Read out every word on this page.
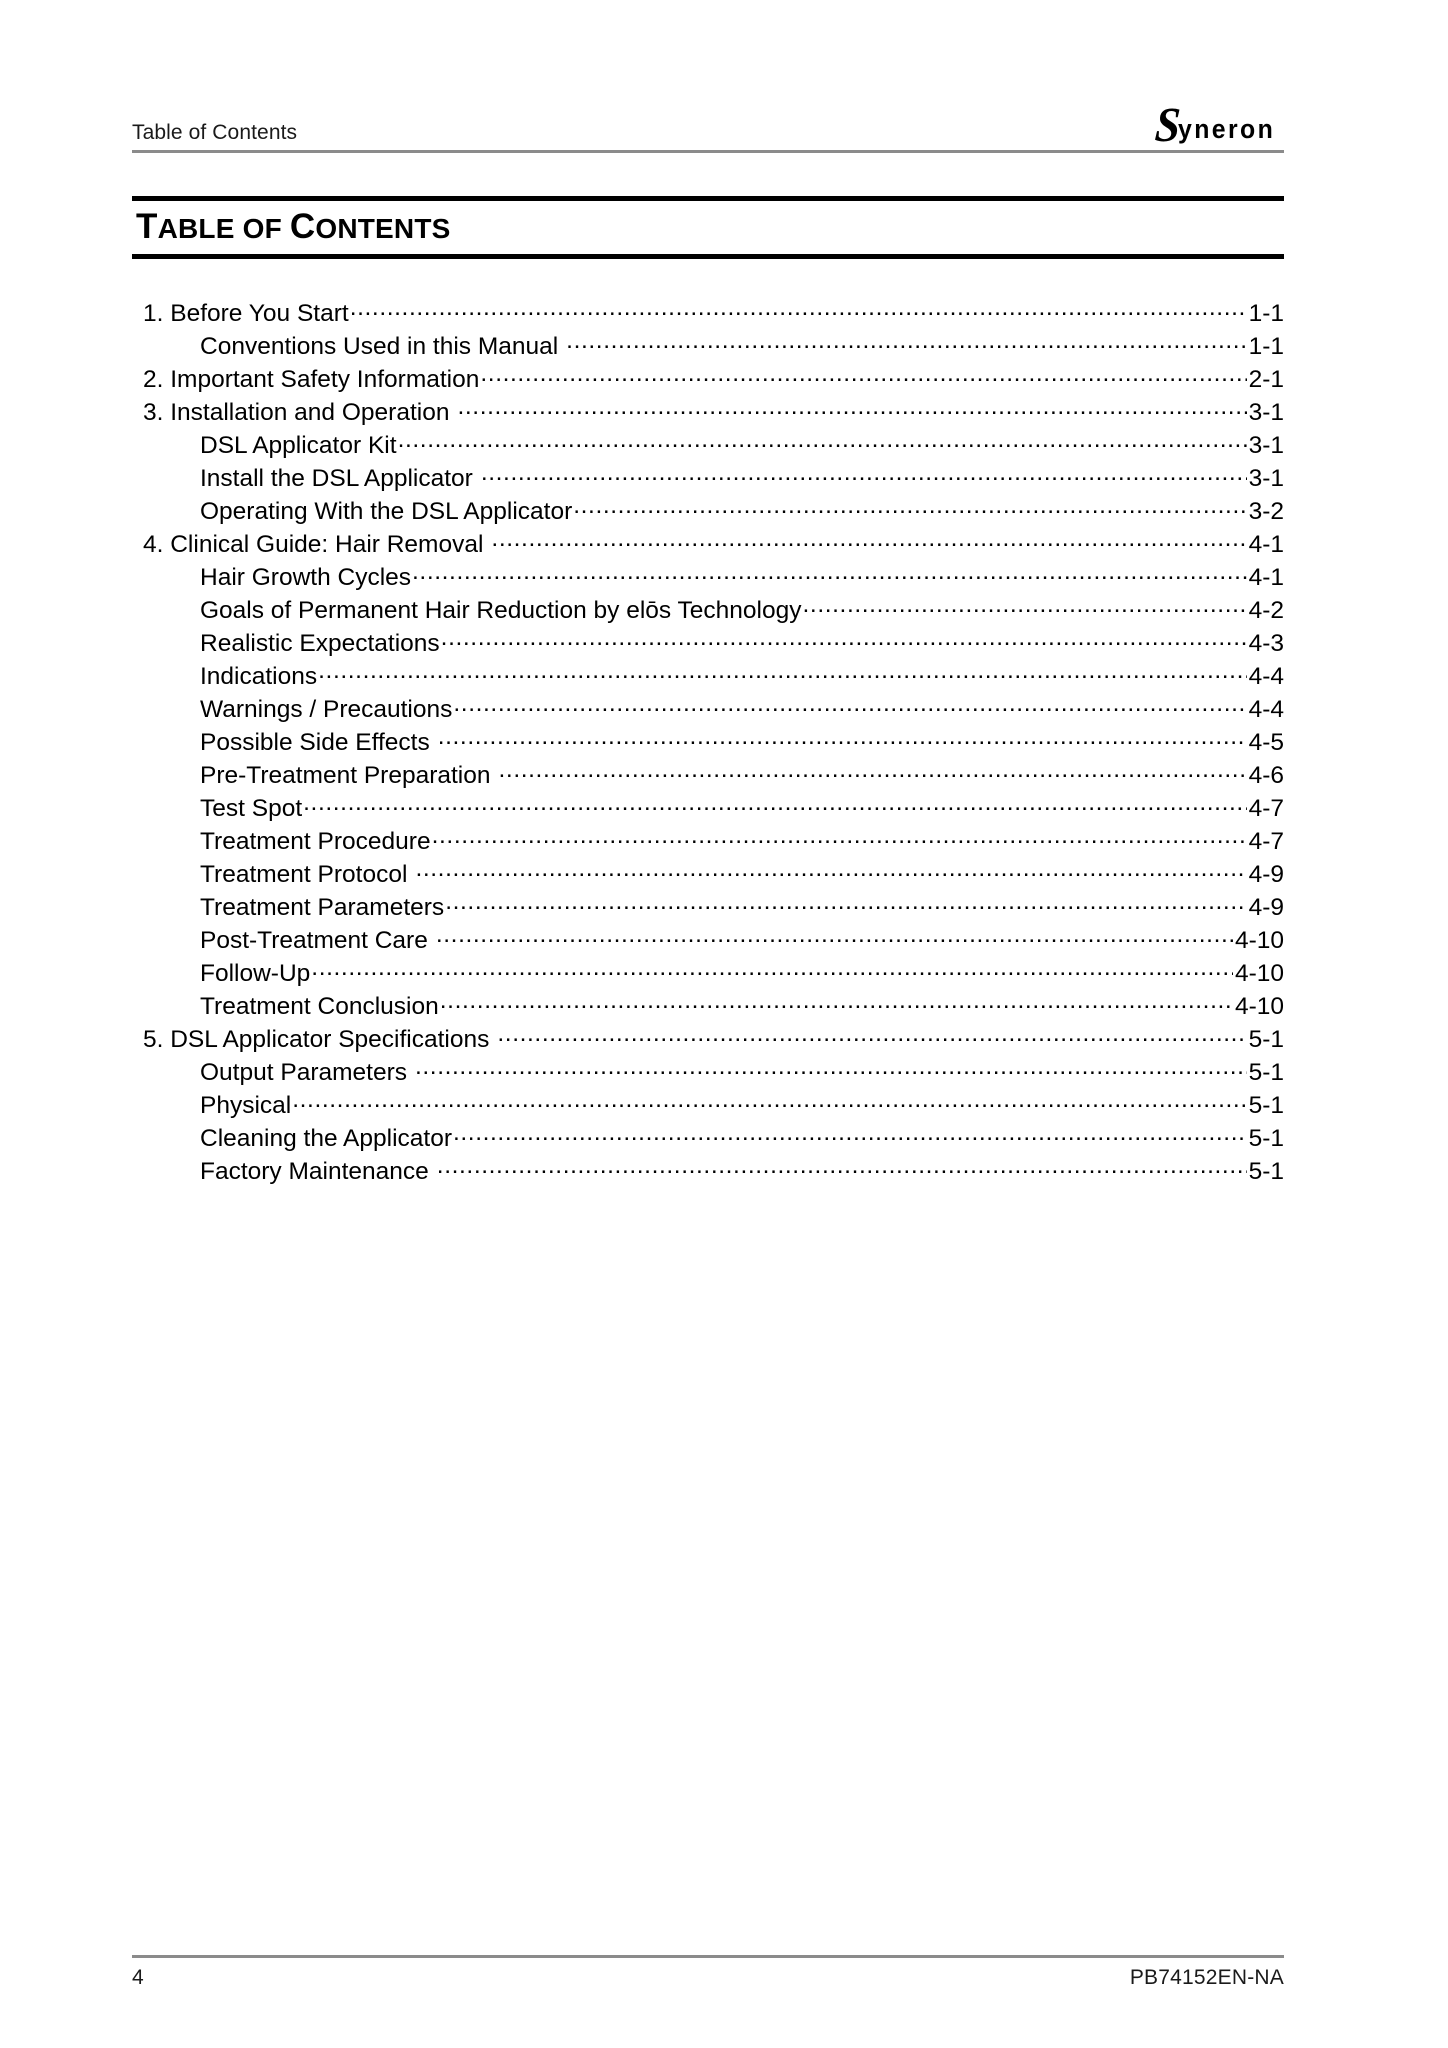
Table of Contents	S
yneron
TABLE OF CONTENTS
1. Before You Start .....	1-1
Conventions Used in this Manual .....	1-1
2. Important Safety Information .....	2-1
3. Installation and Operation .....	3-1
DSL Applicator Kit .....	3-1
Install the DSL Applicator .....	3-1
Operating With the DSL Applicator .....	3-2
4. Clinical Guide: Hair Removal .....	4-1
Hair Growth Cycles .....	4-1
Goals of Permanent Hair Reduction by elōs Technology .....	4-2
Realistic Expectations .....	4-3
Indications .....	4-4
Warnings / Precautions .....	4-4
Possible Side Effects .....	4-5
Pre-Treatment Preparation .....	4-6
Test Spot .....	4-7
Treatment Procedure .....	4-7
Treatment Protocol .....	4-9
Treatment Parameters .....	4-9
Post-Treatment Care .....	4-10
Follow-Up .....	4-10
Treatment Conclusion .....	4-10
5. DSL Applicator Specifications .....	5-1
Output Parameters .....	5-1
Physical .....	5-1
Cleaning the Applicator .....	5-1
Factory Maintenance .....	5-1
4	PB74152EN-NA
